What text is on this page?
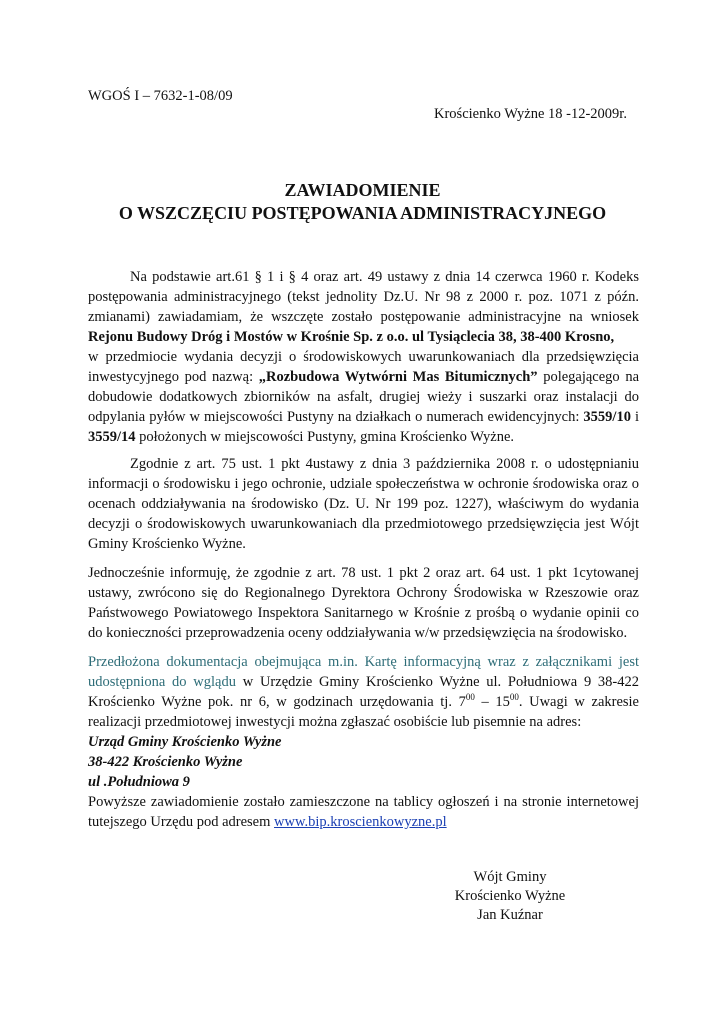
WGOŚ I – 7632-1-08/09
Krościenko Wyżne 18 -12-2009r.
ZAWIADOMIENIE
O WSZCZĘCIU POSTĘPOWANIA ADMINISTRACYJNEGO
Na podstawie art.61 § 1 i § 4 oraz art. 49 ustawy z dnia 14 czerwca 1960 r. Kodeks postępowania administracyjnego (tekst jednolity Dz.U. Nr 98 z 2000 r. poz. 1071 z późn. zmianami) zawiadamiam, że wszczęte zostało postępowanie administracyjne na wniosek Rejonu Budowy Dróg i Mostów w Krośnie Sp. z o.o. ul Tysiąclecia 38, 38-400 Krosno,
w przedmiocie wydania decyzji o środowiskowych uwarunkowaniach dla przedsięwzięcia inwestycyjnego pod nazwą: „Rozbudowa Wytwórni Mas Bitumicznych” polegającego na dobudowie dodatkowych zbiorników na asfalt, drugiej wieży i suszarki oraz instalacji do odpylania pyłów w miejscowości Pustyny na działkach o numerach ewidencyjnych: 3559/10 i 3559/14 położonych w miejscowości Pustyny, gmina Krościenko Wyżne.
Zgodnie z art. 75 ust. 1 pkt 4ustawy z dnia 3 października 2008 r. o udostępnianiu informacji o środowisku i jego ochronie, udziale społeczeństwa w ochronie środowiska oraz o ocenach oddziaływania na środowisko (Dz. U. Nr 199 poz. 1227), właściwym do wydania decyzji o środowiskowych uwarunkowaniach dla przedmiotowego przedsięwzięcia jest Wójt Gminy Krościenko Wyżne.
Jednocześnie informuję, że zgodnie z art. 78 ust. 1 pkt 2 oraz art. 64 ust. 1 pkt 1cytowanej ustawy, zwrócono się do Regionalnego Dyrektora Ochrony Środowiska w Rzeszowie oraz Państwowego Powiatowego Inspektora Sanitarnego w Krośnie z prośbą o wydanie opinii co do konieczności przeprowadzenia oceny oddziaływania w/w przedsięwzięcia na środowisko.
Przedłożona dokumentacja obejmująca m.in. Kartę informacyjną wraz z załącznikami jest udostępniona do wglądu w Urzędzie Gminy Krościenko Wyżne ul. Południowa 9 38-422 Krościenko Wyżne pok. nr 6, w godzinach urzędowania tj. $7^{00} - 15^{00}$. Uwagi w zakresie realizacji przedmiotowej inwestycji można zgłaszać osobiście lub pisemnie na adres:
Urząd Gminy Krościenko Wyżne
38-422 Krościenko Wyżne
ul .Południowa 9
Powyższe zawiadomienie zostało zamieszczone na tablicy ogłoszeń i na stronie internetowej tutejszego Urzędu pod adresem www.bip.kroscienkowyzne.pl
Wójt Gminy
Krościenko Wyżne
Jan Kuźnar
